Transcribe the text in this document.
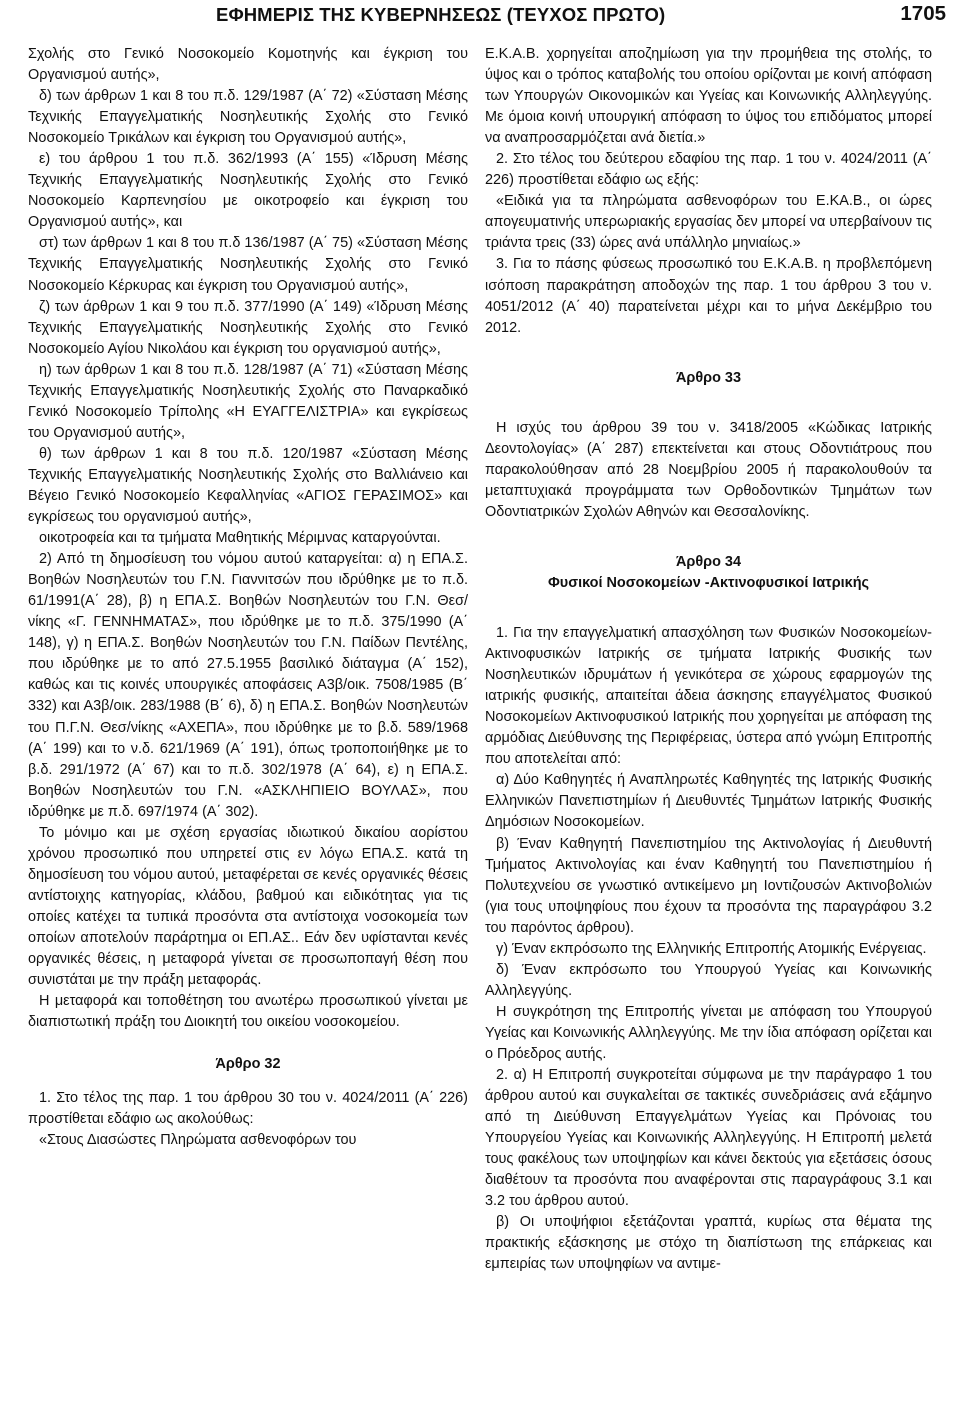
ΕΦΗΜΕΡΙΣ ΤΗΣ ΚΥΒΕΡΝΗΣΕΩΣ (ΤΕΥΧΟΣ ΠΡΩΤΟ)	1705

Σχολής στο Γενικό Νοσοκομείο Κομοτηνής και έγκριση του Οργανισμού αυτής»,

δ) των άρθρων 1 και 8 του π.δ. 129/1987 (Α΄ 72) «Σύσταση Μέσης Τεχνικής Επαγγελματικής Νοσηλευτικής Σχολής στο Γενικό Νοσοκομείο Τρικάλων και έγκριση του Οργανισμού αυτής»,

ε) του άρθρου 1 του π.δ. 362/1993 (Α΄ 155) «Ίδρυση Μέσης Τεχνικής Επαγγελματικής Νοσηλευτικής Σχολής στο Γενικό Νοσοκομείο Καρπενησίου με οικοτροφείο και έγκριση του Οργανισμού αυτής», και

στ) των άρθρων 1 και 8 του π.δ 136/1987 (Α΄ 75) «Σύσταση Μέσης Τεχνικής Επαγγελματικής Νοσηλευτικής Σχολής στο Γενικό Νοσοκομείο Κέρκυρας και έγκριση του Οργανισμού αυτής»,

ζ) των άρθρων 1 και 9 του π.δ. 377/1990 (Α΄ 149) «Ίδρυση Μέσης Τεχνικής Επαγγελματικής Νοσηλευτικής Σχολής στο Γενικό Νοσοκομείο Αγίου Νικολάου και έγκριση του οργανισμού αυτής»,

η) των άρθρων 1 και 8 του π.δ. 128/1987 (Α΄ 71) «Σύσταση Μέσης Τεχνικής Επαγγελματικής Νοσηλευτικής Σχολής στο Παναρκαδικό Γενικό Νοσοκομείο Τρίπολης «Η ΕΥΑΓΓΕΛΙΣΤΡΙΑ» και εγκρίσεως του Οργανισμού αυτής»,

θ) των άρθρων 1 και 8 του π.δ. 120/1987 «Σύσταση Μέσης Τεχνικής Επαγγελματικής Νοσηλευτικής Σχολής στο Βαλλιάνειο και Βέγειο Γενικό Νοσοκομείο Κεφαλληνίας «ΑΓΙΟΣ ΓΕΡΑΣΙΜΟΣ» και εγκρίσεως του οργανισμού αυτής»,

οικοτροφεία και τα τμήματα Μαθητικής Μέριμνας καταργούνται.

2) Από τη δημοσίευση του νόμου αυτού καταργείται: α) η ΕΠΑ.Σ. Βοηθών Νοσηλευτών του Γ.Ν. Γιαννιτσών που ιδρύθηκε με το π.δ. 61/1991(Α΄ 28), β) η ΕΠΑ.Σ. Βοηθών Νοσηλευτών του Γ.Ν. Θεσ/νίκης «Γ. ΓΕΝΝΗΜΑΤΑΣ», που ιδρύθηκε με το π.δ. 375/1990 (Α΄ 148), γ) η ΕΠΑ.Σ. Βοηθών Νοσηλευτών του Γ.Ν. Παίδων Πεντέλης, που ιδρύθηκε με το από 27.5.1955 βασιλικό διάταγμα (Α΄ 152), καθώς και τις κοινές υπουργικές αποφάσεις Α3β/οικ. 7508/1985 (Β΄ 332) και Α3β/οικ. 283/1988 (Β΄ 6), δ) η ΕΠΑ.Σ. Βοηθών Νοσηλευτών του Π.Γ.Ν. Θεσ/νίκης «ΑΧΕΠΑ», που ιδρύθηκε με το β.δ. 589/1968 (Α΄ 199) και το ν.δ. 621/1969 (Α΄ 191), όπως τροποποιήθηκε με το β.δ. 291/1972 (Α΄ 67) και το π.δ. 302/1978 (Α΄ 64), ε) η ΕΠΑ.Σ. Βοηθών Νοσηλευτών του Γ.Ν. «ΑΣΚΛΗΠΙΕΙΟ ΒΟΥΛΑΣ», που ιδρύθηκε με π.δ. 697/1974 (Α΄ 302).

Το μόνιμο και με σχέση εργασίας ιδιωτικού δικαίου αορίστου χρόνου προσωπικό που υπηρετεί στις εν λόγω ΕΠΑ.Σ. κατά τη δημοσίευση του νόμου αυτού, μεταφέρεται σε κενές οργανικές θέσεις αντίστοιχης κατηγορίας, κλάδου, βαθμού και ειδικότητας για τις οποίες κατέχει τα τυπικά προσόντα στα αντίστοιχα νοσοκομεία των οποίων αποτελούν παράρτημα οι ΕΠ.ΑΣ.. Εάν δεν υφίστανται κενές οργανικές θέσεις, η μεταφορά γίνεται σε προσωποπαγή θέση που συνιστάται με την πράξη μεταφοράς.

Η μεταφορά και τοποθέτηση του ανωτέρω προσωπικού γίνεται με διαπιστωτική πράξη του Διοικητή του οικείου νοσοκομείου.

Άρθρο 32

1. Στο τέλος της παρ. 1 του άρθρου 30 του ν. 4024/2011 (Α΄ 226) προστίθεται εδάφιο ως ακολούθως:

«Στους Διασώστες Πληρώματα ασθενοφόρων του

Ε.Κ.Α.Β. χορηγείται αποζημίωση για την προμήθεια της στολής, το ύψος και ο τρόπος καταβολής του οποίου ορίζονται με κοινή απόφαση των Υπουργών Οικονομικών και Υγείας και Κοινωνικής Αλληλεγγύης. Με όμοια κοινή υπουργική απόφαση το ύψος του επιδόματος μπορεί να αναπροσαρμόζεται ανά διετία.»

2. Στο τέλος του δεύτερου εδαφίου της παρ. 1 του ν. 4024/2011 (Α΄ 226) προστίθεται εδάφιο ως εξής:

«Ειδικά για τα πληρώματα ασθενοφόρων του Ε.ΚΑ.Β., οι ώρες απογευματινής υπερωριακής εργασίας δεν μπορεί να υπερβαίνουν τις τριάντα τρεις (33) ώρες ανά υπάλληλο μηνιαίως.»

3. Για το πάσης φύσεως προσωπικό του Ε.Κ.Α.Β. η προβλεπόμενη ισόποση παρακράτηση αποδοχών της παρ. 1 του άρθρου 3 του ν. 4051/2012 (Α΄ 40) παρατείνεται μέχρι και το μήνα Δεκέμβριο του 2012.

Άρθρο 33

Η ισχύς του άρθρου 39 του ν. 3418/2005 «Κώδικας Ιατρικής Δεοντολογίας» (Α΄ 287) επεκτείνεται και στους Οδοντιάτρους που παρακολούθησαν από 28 Νοεμβρίου 2005 ή παρακολουθούν τα μεταπτυχιακά προγράμματα των Ορθοδοντικών Τμημάτων των Οδοντιατρικών Σχολών Αθηνών και Θεσσαλονίκης.

Άρθρο 34

Φυσικοί Νοσοκομείων -Ακτινοφυσικοί Ιατρικής

1. Για την επαγγελματική απασχόληση των Φυσικών Νοσοκομείων- Ακτινοφυσικών Ιατρικής σε τμήματα Ιατρικής Φυσικής των Νοσηλευτικών ιδρυμάτων ή γενικότερα σε χώρους εφαρμογών της ιατρικής φυσικής, απαιτείται άδεια άσκησης επαγγέλματος Φυσικού Νοσοκομείων Ακτινοφυσικού Ιατρικής που χορηγείται με απόφαση της αρμόδιας Διεύθυνσης της Περιφέρειας, ύστερα από γνώμη Επιτροπής που αποτελείται από:

α) Δύο Καθηγητές ή Αναπληρωτές Καθηγητές της Ιατρικής Φυσικής Ελληνικών Πανεπιστημίων ή Διευθυντές Τμημάτων Ιατρικής Φυσικής Δημόσιων Νοσοκομείων.

β) Έναν Καθηγητή Πανεπιστημίου της Ακτινολογίας ή Διευθυντή Τμήματος Ακτινολογίας και έναν Καθηγητή του Πανεπιστημίου ή Πολυτεχνείου σε γνωστικό αντικείμενο μη Ιοντιζουσών Ακτινοβολιών (για τους υποψηφίους που έχουν τα προσόντα της παραγράφου 3.2 του παρόντος άρθρου).

γ) Έναν εκπρόσωπο της Ελληνικής Επιτροπής Ατομικής Ενέργειας.

δ) Έναν εκπρόσωπο του Υπουργού Υγείας και Κοινωνικής Αλληλεγγύης.

Η συγκρότηση της Επιτροπής γίνεται με απόφαση του Υπουργού Υγείας και Κοινωνικής Αλληλεγγύης. Με την ίδια απόφαση ορίζεται και ο Πρόεδρος αυτής.

2. α) Η Επιτροπή συγκροτείται σύμφωνα με την παράγραφο 1 του άρθρου αυτού και συγκαλείται σε τακτικές συνεδριάσεις ανά εξάμηνο από τη Διεύθυνση Επαγγελμάτων Υγείας και Πρόνοιας του Υπουργείου Υγείας και Κοινωνικής Αλληλεγγύης. Η Επιτροπή μελετά τους φακέλους των υποψηφίων και κάνει δεκτούς για εξετάσεις όσους διαθέτουν τα προσόντα που αναφέρονται στις παραγράφους 3.1 και 3.2 του άρθρου αυτού.

β) Οι υποψήφιοι εξετάζονται γραπτά, κυρίως στα θέματα της πρακτικής εξάσκησης με στόχο τη διαπίστωση της επάρκειας και εμπειρίας των υποψηφίων να αντιμε-
